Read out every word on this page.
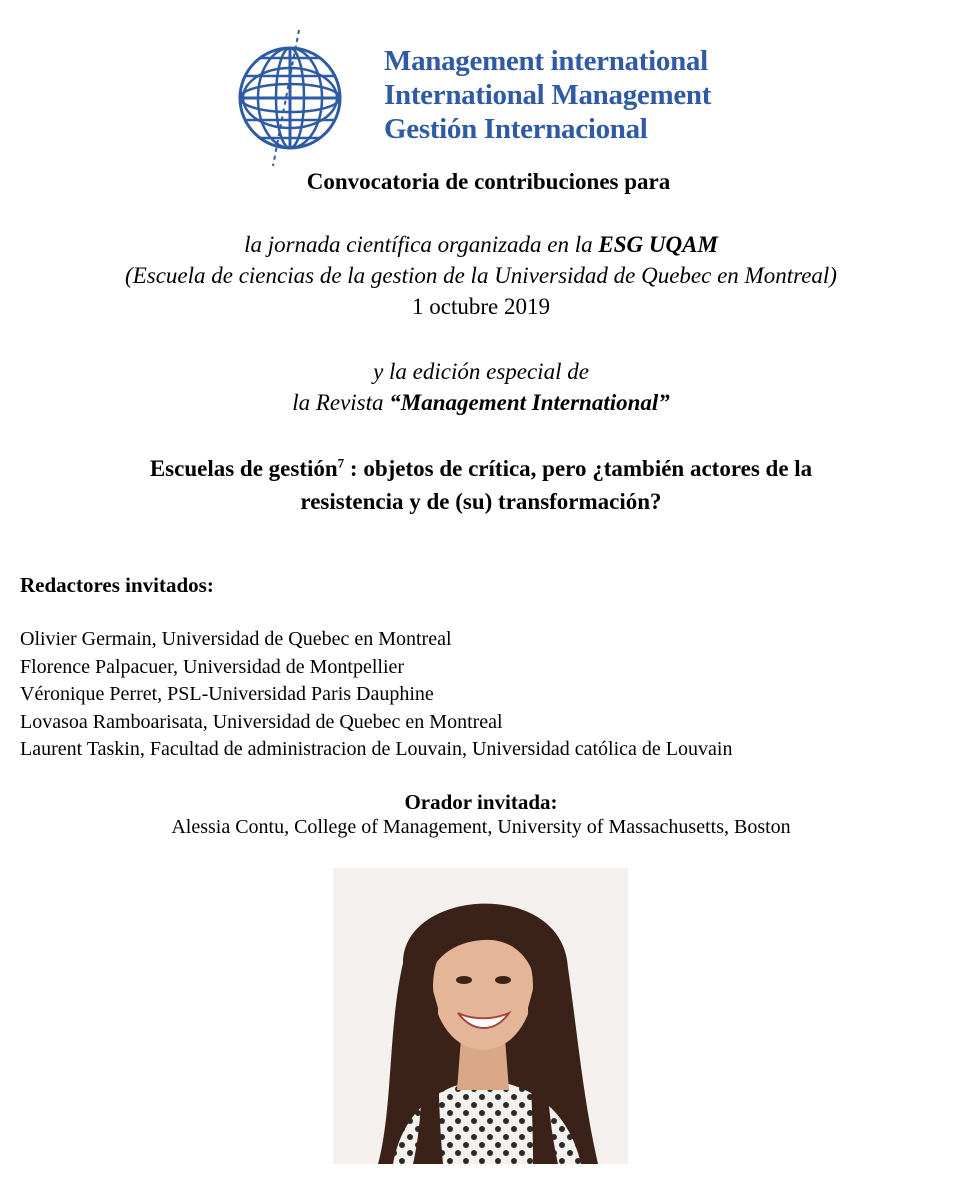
Management international
International Management
Gestión Internacional
Convocatoria de contribuciones para
la jornada científica organizada en la ESG UQAM
(Escuela de ciencias de la gestion de la Universidad de Quebec en Montreal)
1 octubre 2019
y la edición especial de
la Revista “Management International”
Escuelas de gestión$^7$ : objetos de crítica, pero ¿también actores de la
resistencia y de (su) transformación?
Redactores invitados:
Olivier Germain, Universidad de Quebec en Montreal
Florence Palpacuer, Universidad de Montpellier
Véronique Perret, PSL-Universidad Paris Dauphine
Lovasoa Ramboarisata, Universidad de Quebec en Montreal
Laurent Taskin, Facultad de administracion de Louvain, Universidad católica de Louvain
Orador invitada:
Alessia Contu, College of Management, University of Massachusetts, Boston
